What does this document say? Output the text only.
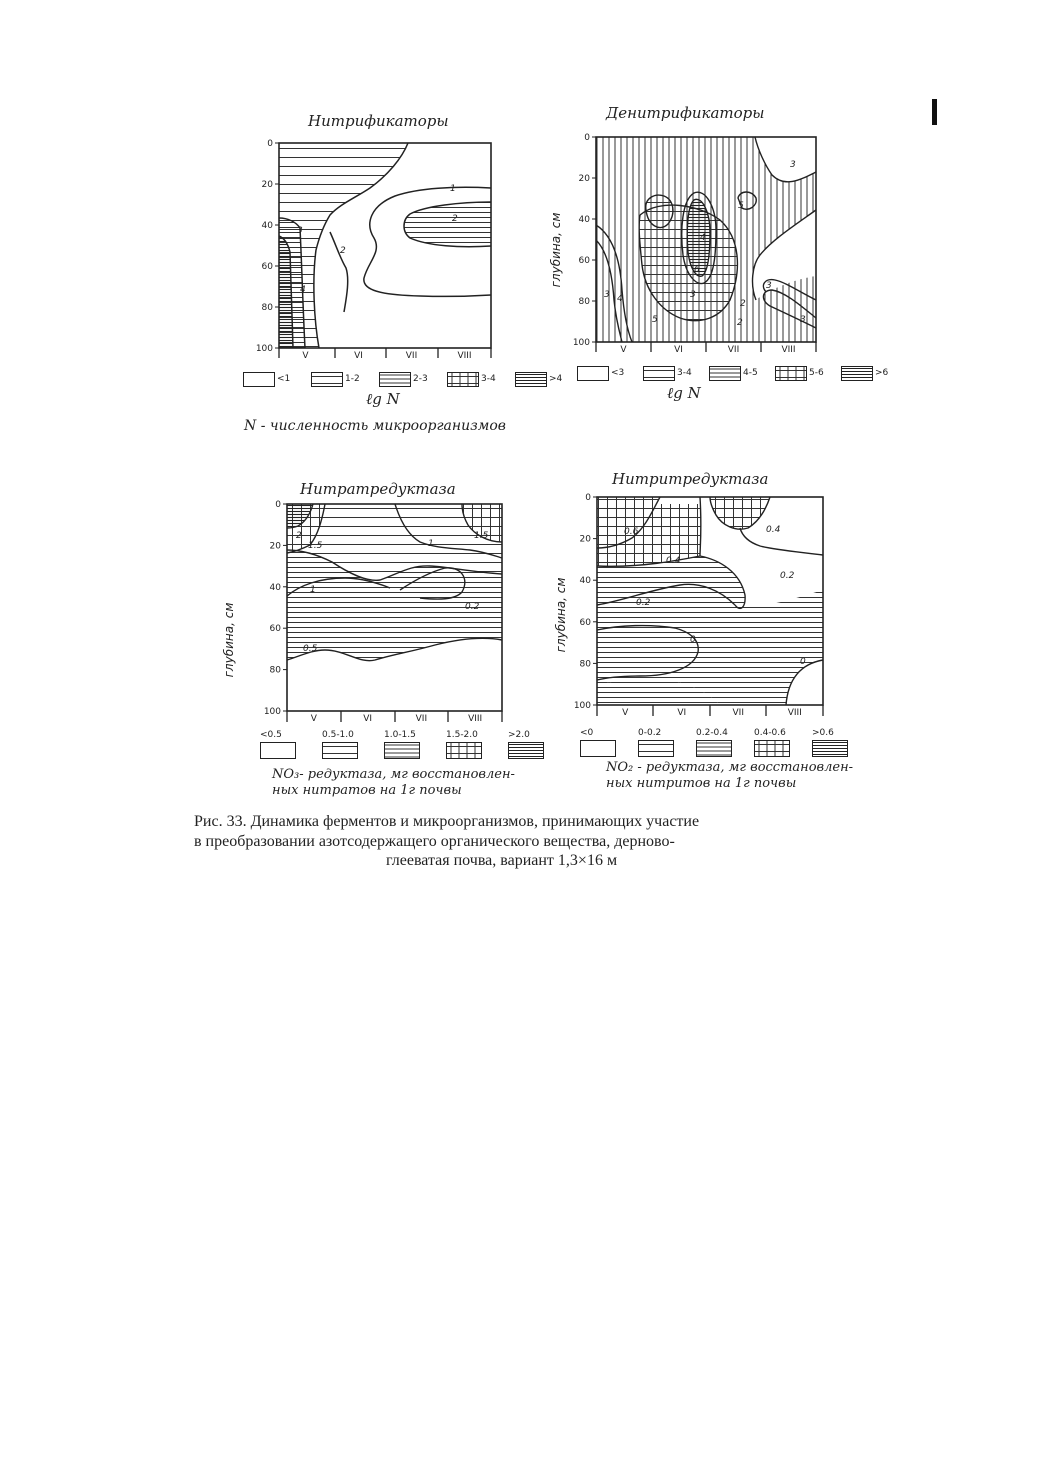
0
20
40
60
80
100
V	VI	VII	VIII
1
2
2
3
4
0
20
40
60
80
100
V	VI	VII	VIII
глубина, см
3
3 4
5
6
4
3
5
3
2
3
2
0
20
40
60
80
100
V	VI	VII	VIII
глубина, см
2
1.5
1
1
1.5
0.2
0.5
0
20
40
60
80
100
V	VI	VII	VIII
глубина, см
0.6
0.4
0.4
0.2
0.2
0
0
Нитрификаторы	Денитрификаторы
Нитратредуктаза
Нитритредуктаза
<1	1-2	2-3	3-4	>4
<3	3-4	4-5	5-6	>6
<0.5	0.5-1.0	1.0-1.5	1.5-2.0	>2.0	<0	0-0.2	0.2-0.4	0.4-0.6	>0.6
ℓg N	ℓg N
N - численность микроорганизмов
NO₃- редуктаза, мг восстановлен-
ных нитратов на 1г почвы
NO₂ - редуктаза, мг восстановлен-
ных нитритов на 1г почвы
Рис. 33. Динамика ферментов и микроорганизмов, принимающих участие
в преобразовании азотсодержащего органического вещества, дерново-
глееватая почва, вариант 1,3×16 м
